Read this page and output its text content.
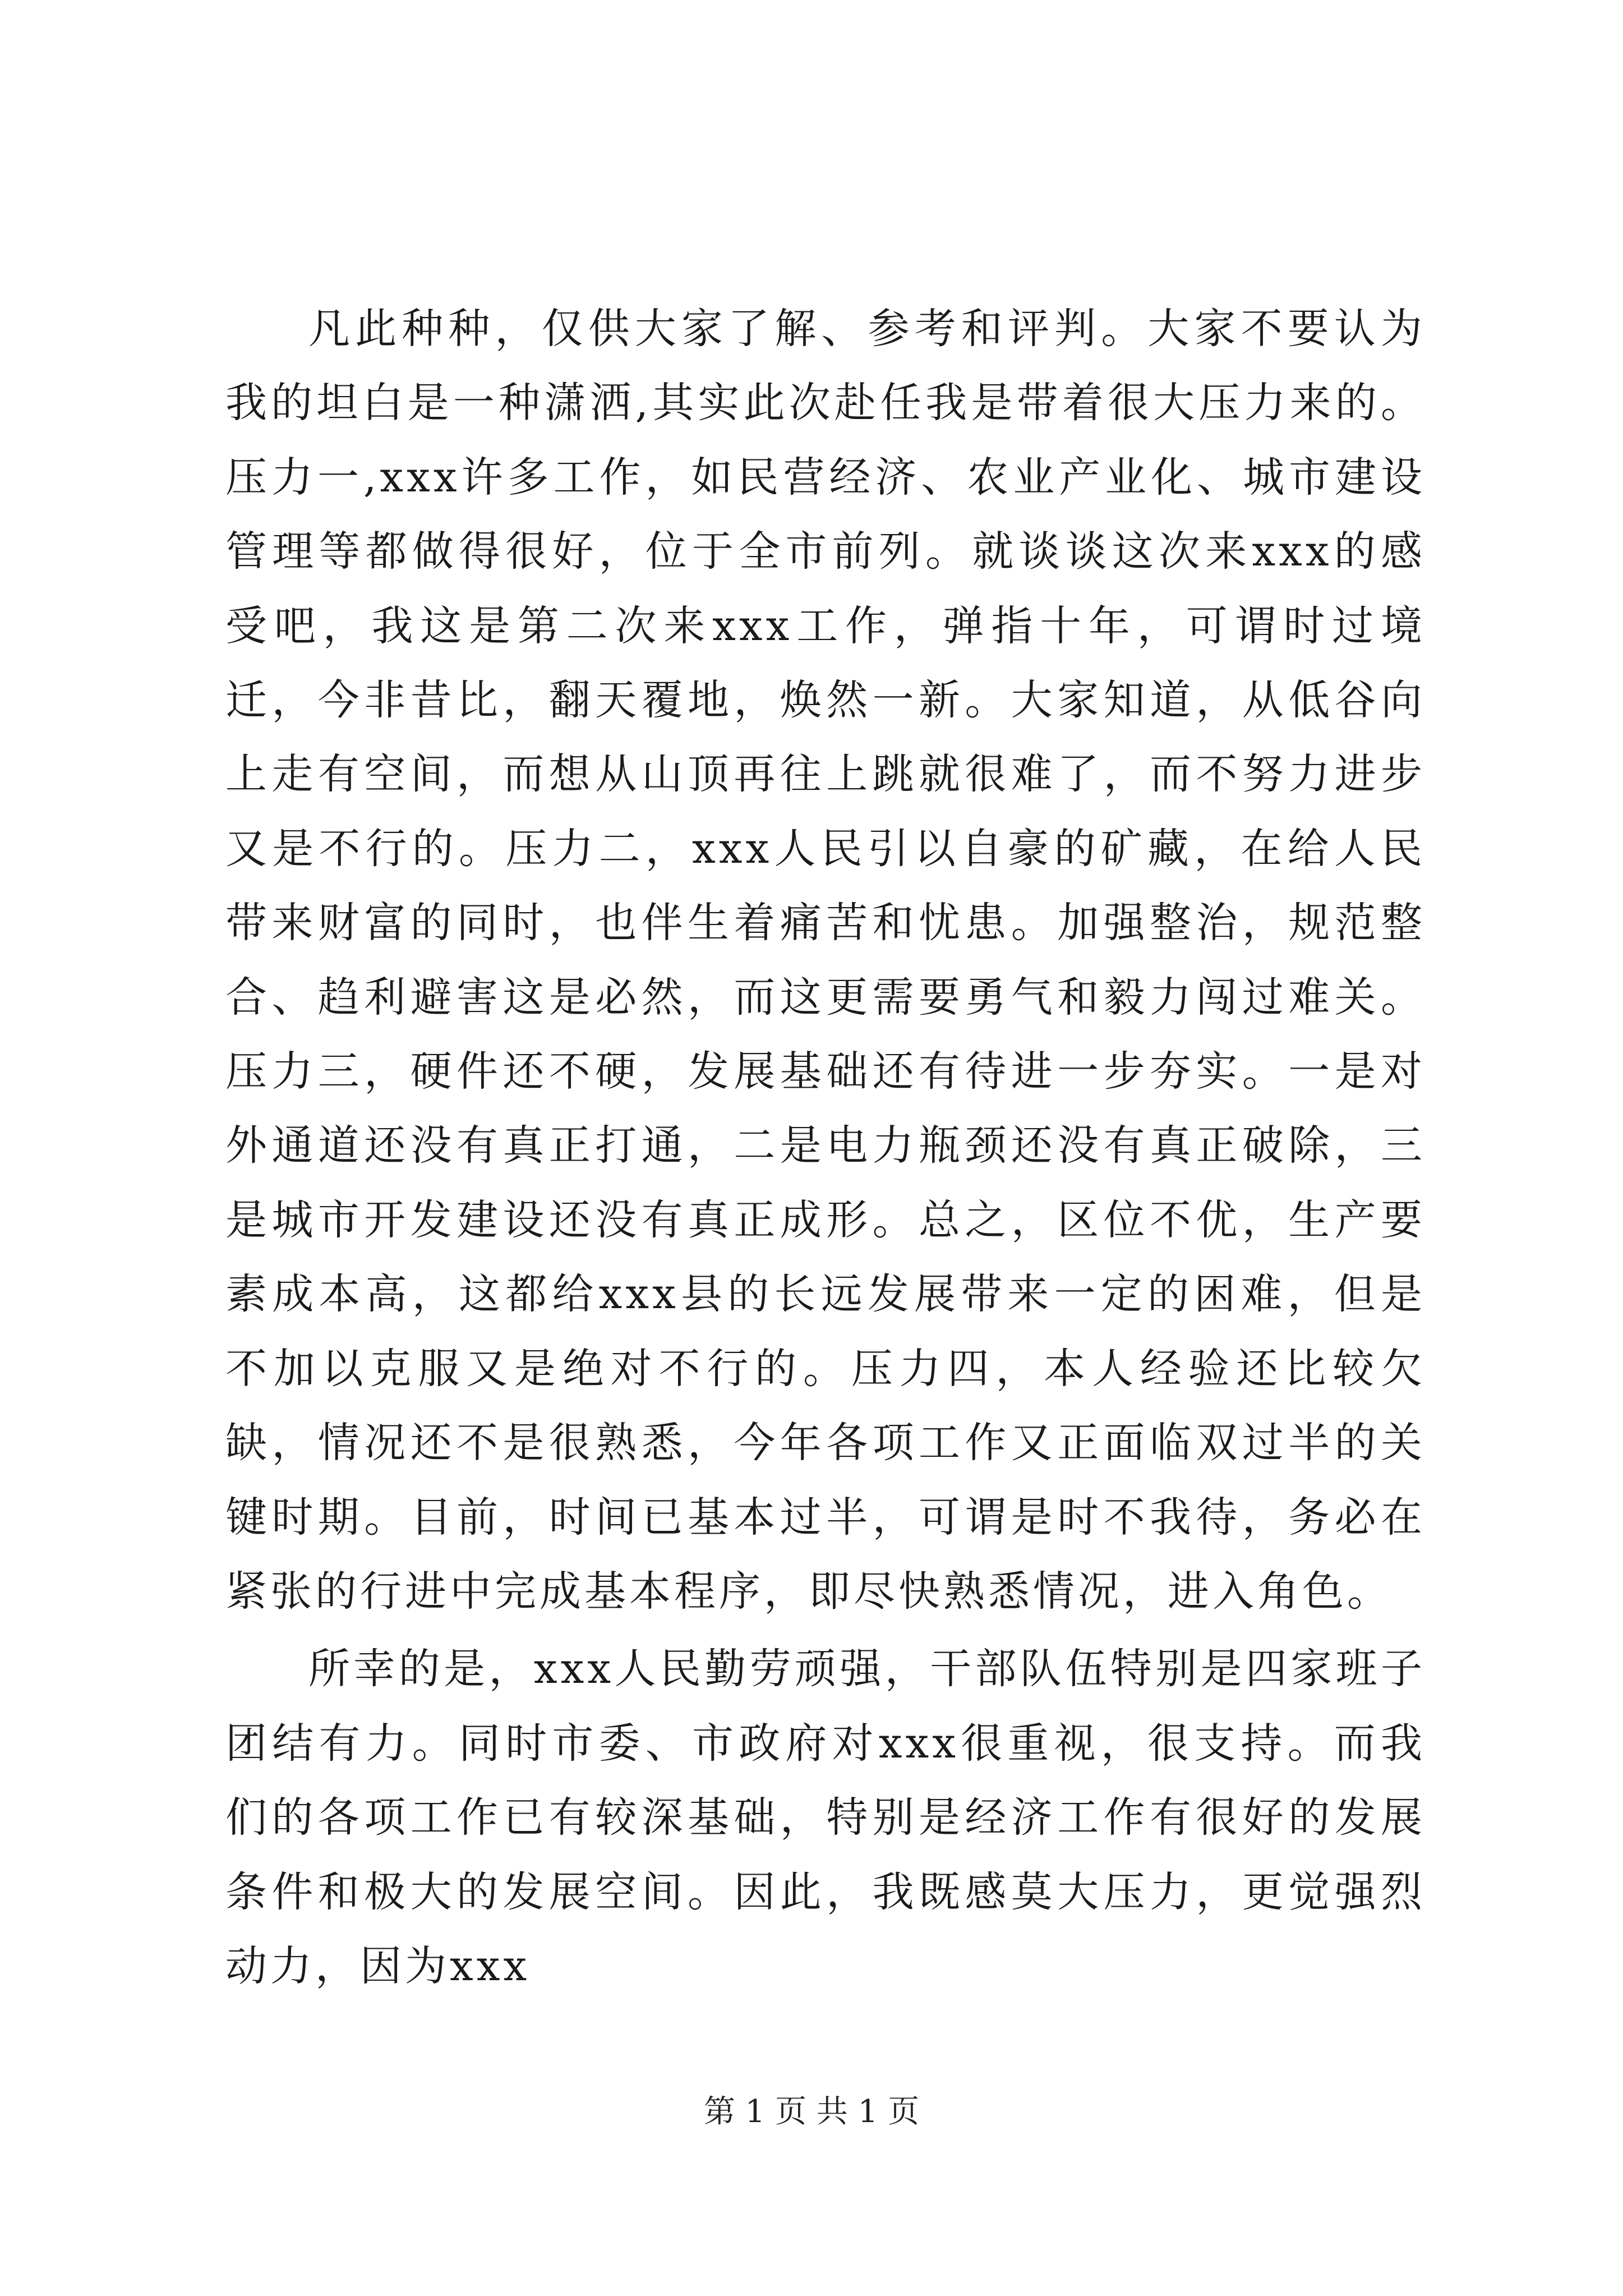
凡此种种，仅供大家了解、参考和评判。大家不要认为我的坦白是一种潇洒,其实此次赴任我是带着很大压力来的。压力一,xxx许多工作，如民营经济、农业产业化、城市建设管理等都做得很好，位于全市前列。就谈谈这次来xxx的感受吧，我这是第二次来xxx工作，弹指十年，可谓时过境迁，今非昔比，翻天覆地，焕然一新。大家知道，从低谷向上走有空间，而想从山顶再往上跳就很难了，而不努力进步又是不行的。压力二，xxx人民引以自豪的矿藏，在给人民带来财富的同时，也伴生着痛苦和忧患。加强整治，规范整合、趋利避害这是必然，而这更需要勇气和毅力闯过难关。压力三，硬件还不硬，发展基础还有待进一步夯实。一是对外通道还没有真正打通，二是电力瓶颈还没有真正破除，三是城市开发建设还没有真正成形。总之，区位不优，生产要素成本高，这都给xxx县的长远发展带来一定的困难，但是不加以克服又是绝对不行的。压力四，本人经验还比较欠缺，情况还不是很熟悉，今年各项工作又正面临双过半的关键时期。目前，时间已基本过半，可谓是时不我待，务必在紧张的行进中完成基本程序，即尽快熟悉情况，进入角色。

所幸的是，xxx人民勤劳顽强，干部队伍特别是四家班子团结有力。同时市委、市政府对xxx很重视，很支持。而我们的各项工作已有较深基础，特别是经济工作有很好的发展条件和极大的发展空间。因此，我既感莫大压力，更觉强烈动力，因为xxx

第 1 页 共 1 页
